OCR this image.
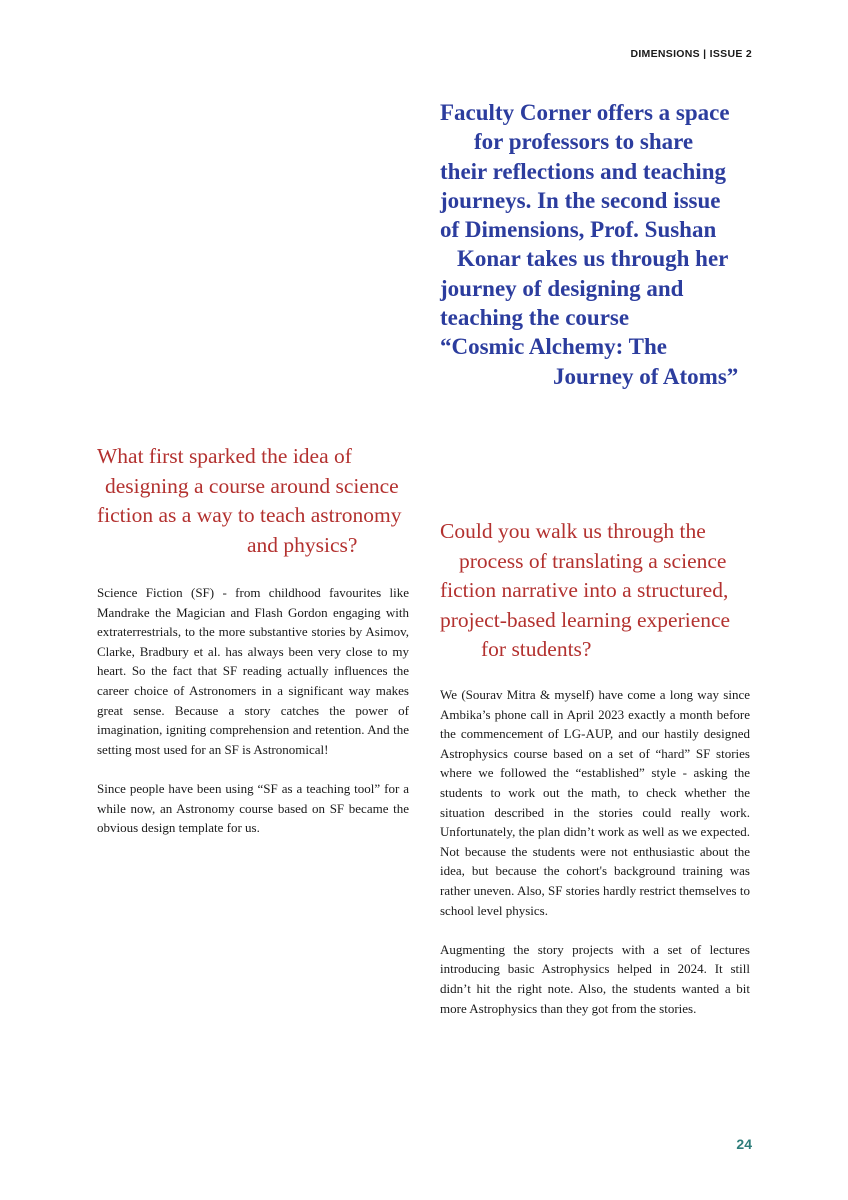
DIMENSIONS | ISSUE 2
Faculty Corner offers a space
for professors to share
their reflections and teaching
journeys. In the second issue
of Dimensions, Prof. Sushan
Konar takes us through her
journey of designing and
teaching the course
“Cosmic Alchemy: The
Journey of Atoms”
What first sparked the idea of
designing a course around science
fiction as a way to teach astronomy
and physics?

Science Fiction (SF) - from childhood favourites like Mandrake the Magician and Flash Gordon engaging with extraterrestrials, to the more substantive stories by Asimov, Clarke, Bradbury et al. has always been very close to my heart. So the fact that SF reading actually influences the career choice of Astronomers in a significant way makes great sense. Because a story catches the power of imagination, igniting comprehension and retention. And the setting most used for an SF is Astronomical!

Since people have been using “SF as a teaching tool” for a while now, an Astronomy course based on SF became the obvious design template for us.

Could you walk us through the
process of translating a science
fiction narrative into a structured,
project-based learning experience
for students?

We (Sourav Mitra & myself) have come a long way since Ambika’s phone call in April 2023 exactly a month before the commencement of LG-AUP, and our hastily designed Astrophysics course based on a set of “hard” SF stories where we followed the “established” style - asking the students to work out the math, to check whether the situation described in the stories could really work. Unfortunately, the plan didn’t work as well as we expected. Not because the students were not enthusiastic about the idea, but because the cohort's background training was rather uneven. Also, SF stories hardly restrict themselves to school level physics.

Augmenting the story projects with a set of lectures introducing basic Astrophysics helped in 2024. It still didn’t hit the right note. Also, the students wanted a bit more Astrophysics than they got from the stories.

24
